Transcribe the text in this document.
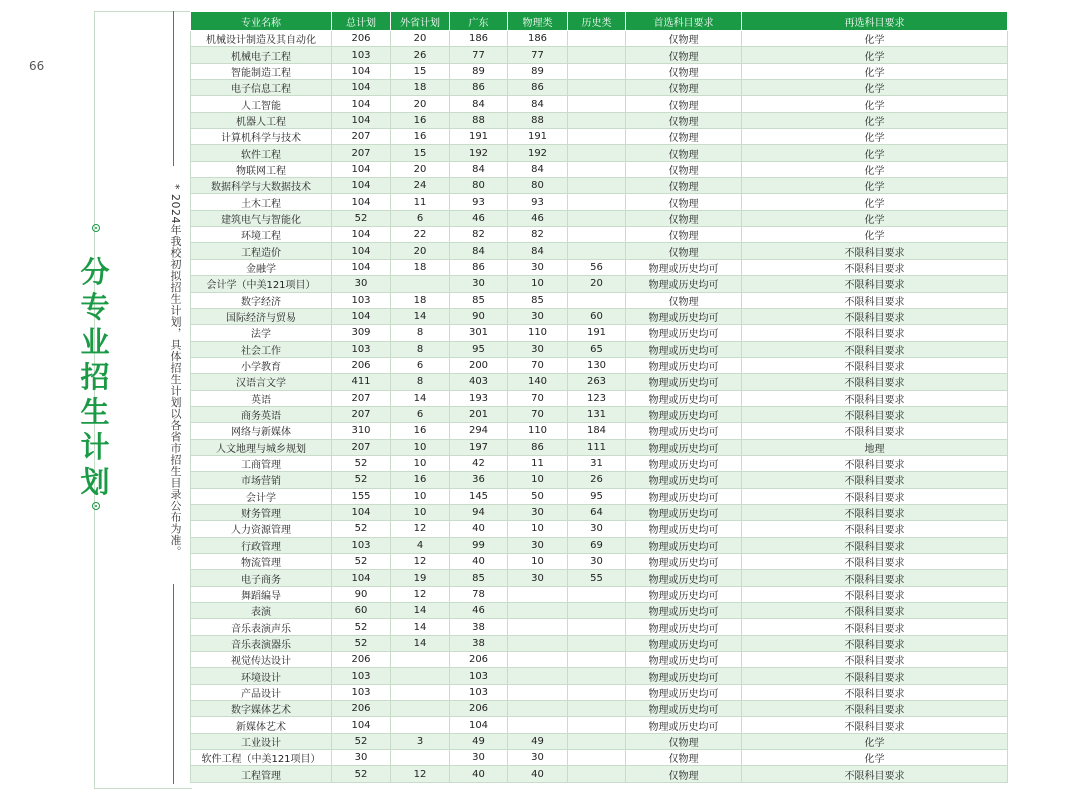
99
分专业招生计划	* 2024年我校初拟招生计划，具体招生计划以各省市招生目录公布为准。
专业名称	总计划	外省计划	广东	物理类	历史类	首选科目要求	再选科目要求
机械设计制造及其自动化	206	20	186	186		仅物理	化学
机械电子工程	103	26	77	77		仅物理	化学
智能制造工程	104	15	89	89		仅物理	化学
电子信息工程	104	18	86	86		仅物理	化学
人工智能	104	20	84	84		仅物理	化学
机器人工程	104	16	88	88		仅物理	化学
计算机科学与技术	207	16	191	191		仅物理	化学
软件工程	207	15	192	192		仅物理	化学
物联网工程	104	20	84	84		仅物理	化学
数据科学与大数据技术	104	24	80	80		仅物理	化学
土木工程	104	11	93	93		仅物理	化学
建筑电气与智能化	52	6	46	46		仅物理	化学
环境工程	104	22	82	82		仅物理	化学
工程造价	104	20	84	84		仅物理	不限科目要求
金融学	104	18	86	30	56	物理或历史均可	不限科目要求
会计学（中美121项目）	30		30	10	20	物理或历史均可	不限科目要求
数字经济	103	18	85	85		仅物理	不限科目要求
国际经济与贸易	104	14	90	30	60	物理或历史均可	不限科目要求
法学	309	8	301	110	191	物理或历史均可	不限科目要求
社会工作	103	8	95	30	65	物理或历史均可	不限科目要求
小学教育	206	6	200	70	130	物理或历史均可	不限科目要求
汉语言文学	411	8	403	140	263	物理或历史均可	不限科目要求
英语	207	14	193	70	123	物理或历史均可	不限科目要求
商务英语	207	6	201	70	131	物理或历史均可	不限科目要求
网络与新媒体	310	16	294	110	184	物理或历史均可	不限科目要求
人文地理与城乡规划	207	10	197	86	111	物理或历史均可	地理
工商管理	52	10	42	11	31	物理或历史均可	不限科目要求
市场营销	52	16	36	10	26	物理或历史均可	不限科目要求
会计学	155	10	145	50	95	物理或历史均可	不限科目要求
财务管理	104	10	94	30	64	物理或历史均可	不限科目要求
人力资源管理	52	12	40	10	30	物理或历史均可	不限科目要求
行政管理	103	4	99	30	69	物理或历史均可	不限科目要求
物流管理	52	12	40	10	30	物理或历史均可	不限科目要求
电子商务	104	19	85	30	55	物理或历史均可	不限科目要求
舞蹈编导	90	12	78			物理或历史均可	不限科目要求
表演	60	14	46			物理或历史均可	不限科目要求
音乐表演声乐	52	14	38			物理或历史均可	不限科目要求
音乐表演器乐	52	14	38			物理或历史均可	不限科目要求
视觉传达设计	206		206			物理或历史均可	不限科目要求
环境设计	103		103			物理或历史均可	不限科目要求
产品设计	103		103			物理或历史均可	不限科目要求
数字媒体艺术	206		206			物理或历史均可	不限科目要求
新媒体艺术	104		104			物理或历史均可	不限科目要求
工业设计	52	3	49	49		仅物理	化学
软件工程（中美121项目）	30		30	30		仅物理	化学
工程管理	52	12	40	40		仅物理	不限科目要求
